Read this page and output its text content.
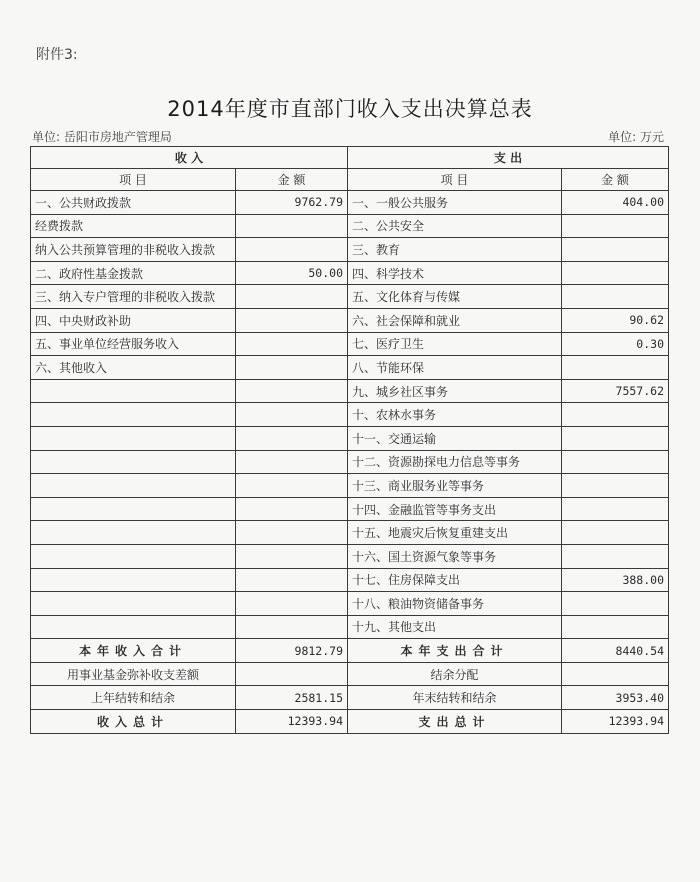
附件3:
2014年度市直部门收入支出决算总表
单位: 岳阳市房地产管理局	单位: 万元
收 入		支 出	
项 目	金 额	项 目	金 额
一、公共财政拨款	9762.79	一、一般公共服务	404.00
经费拨款		二、公共安全	
纳入公共预算管理的非税收入拨款		三、教育	
二、政府性基金拨款	50.00	四、科学技术	
三、纳入专户管理的非税收入拨款		五、文化体育与传媒	
四、中央财政补助		六、社会保障和就业	90.62
五、事业单位经营服务收入		七、医疗卫生	0.30
六、其他收入		八、节能环保	
		九、城乡社区事务	7557.62
		十、农林水事务	
		十一、交通运输	
		十二、资源勘探电力信息等事务	
		十三、商业服务业等事务	
		十四、金融监管等事务支出	
		十五、地震灾后恢复重建支出	
		十六、国土资源气象等事务	
		十七、住房保障支出	388.00
		十八、粮油物资储备事务	
		十九、其他支出	
本年收入合计	9812.79	本年支出合计	8440.54
用事业基金弥补收支差额		结余分配	
上年结转和结余	2581.15	年末结转和结余	3953.40
收入总计	12393.94	支出总计	12393.94
